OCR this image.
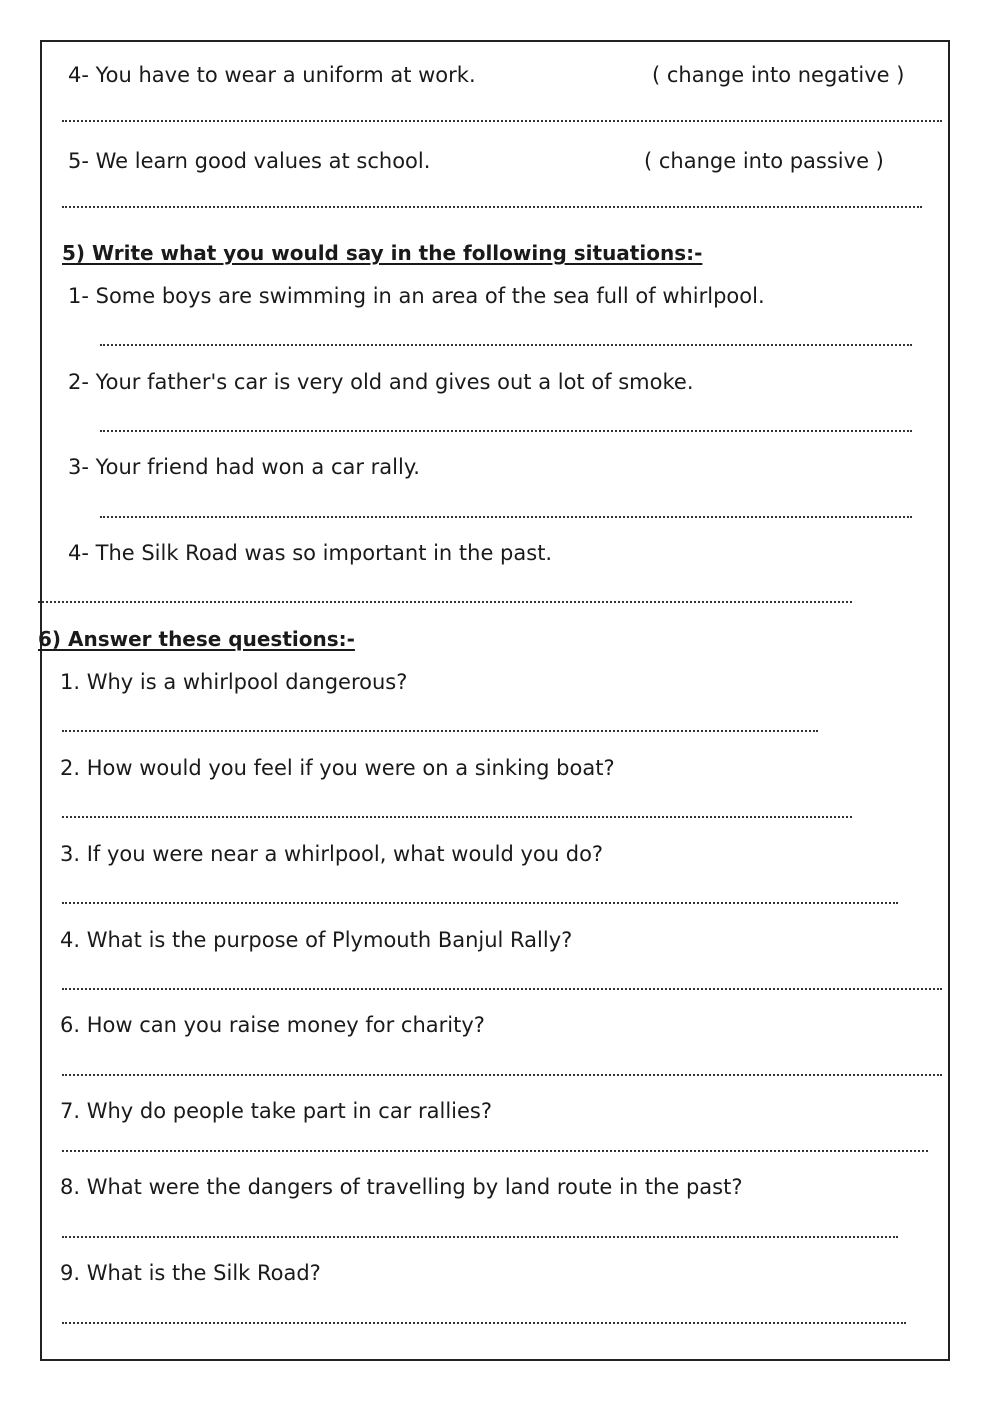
4- You have to wear a uniform at work.	( change into negative )
5- We learn good values at school.	( change into passive )
5) Write what you would say in the following situations:-
1- Some boys are swimming in an area of the sea full of whirlpool.
2- Your father's car is very old and gives out a lot of smoke.
3- Your friend had won a car rally.
4- The Silk Road was so important in the past.
6) Answer these questions:-
1. Why is a whirlpool dangerous?
2. How would you feel if you were on a sinking boat?
3. If you were near a whirlpool, what would you do?
4. What is the purpose of Plymouth Banjul Rally?
6. How can you raise money for charity?
7. Why do people take part in car rallies?
8. What were the dangers of travelling by land route in the past?
9. What is the Silk Road?
